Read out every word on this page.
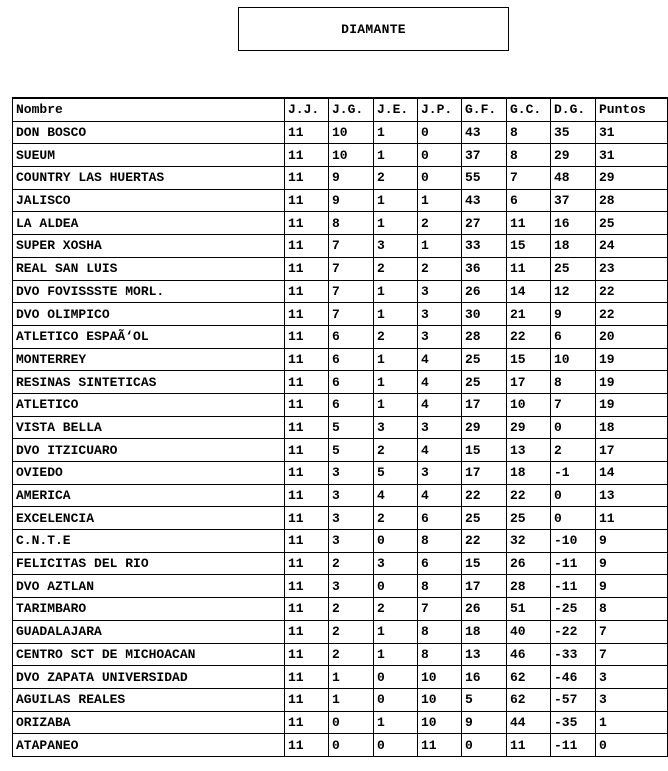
DIAMANTE
Nombre	J.J.	J.G.	J.E.	J.P.	G.F.	G.C.	D.G.	Puntos
DON BOSCO	11	10	1	0	43	8	35	31
SUEUM	11	10	1	0	37	8	29	31
COUNTRY LAS HUERTAS	11	9	2	0	55	7	48	29
JALISCO	11	9	1	1	43	6	37	28
LA ALDEA	11	8	1	2	27	11	16	25
SUPER XOSHA	11	7	3	1	33	15	18	24
REAL SAN LUIS	11	7	2	2	36	11	25	23
DVO FOVISSSTE MORL.	11	7	1	3	26	14	12	22
DVO OLIMPICO	11	7	1	3	30	21	9	22
ATLETICO ESPAÃ‘OL	11	6	2	3	28	22	6	20
MONTERREY	11	6	1	4	25	15	10	19
RESINAS SINTETICAS	11	6	1	4	25	17	8	19
ATLETICO	11	6	1	4	17	10	7	19
VISTA BELLA	11	5	3	3	29	29	0	18
DVO ITZICUARO	11	5	2	4	15	13	2	17
OVIEDO	11	3	5	3	17	18	-1	14
AMERICA	11	3	4	4	22	22	0	13
EXCELENCIA	11	3	2	6	25	25	0	11
C.N.T.E	11	3	0	8	22	32	-10	9
FELICITAS DEL RIO	11	2	3	6	15	26	-11	9
DVO AZTLAN	11	3	0	8	17	28	-11	9
TARIMBARO	11	2	2	7	26	51	-25	8
GUADALAJARA	11	2	1	8	18	40	-22	7
CENTRO SCT DE MICHOACAN	11	2	1	8	13	46	-33	7
DVO ZAPATA UNIVERSIDAD	11	1	0	10	16	62	-46	3
AGUILAS REALES	11	1	0	10	5	62	-57	3
ORIZABA	11	0	1	10	9	44	-35	1
ATAPANEO	11	0	0	11	0	11	-11	0
